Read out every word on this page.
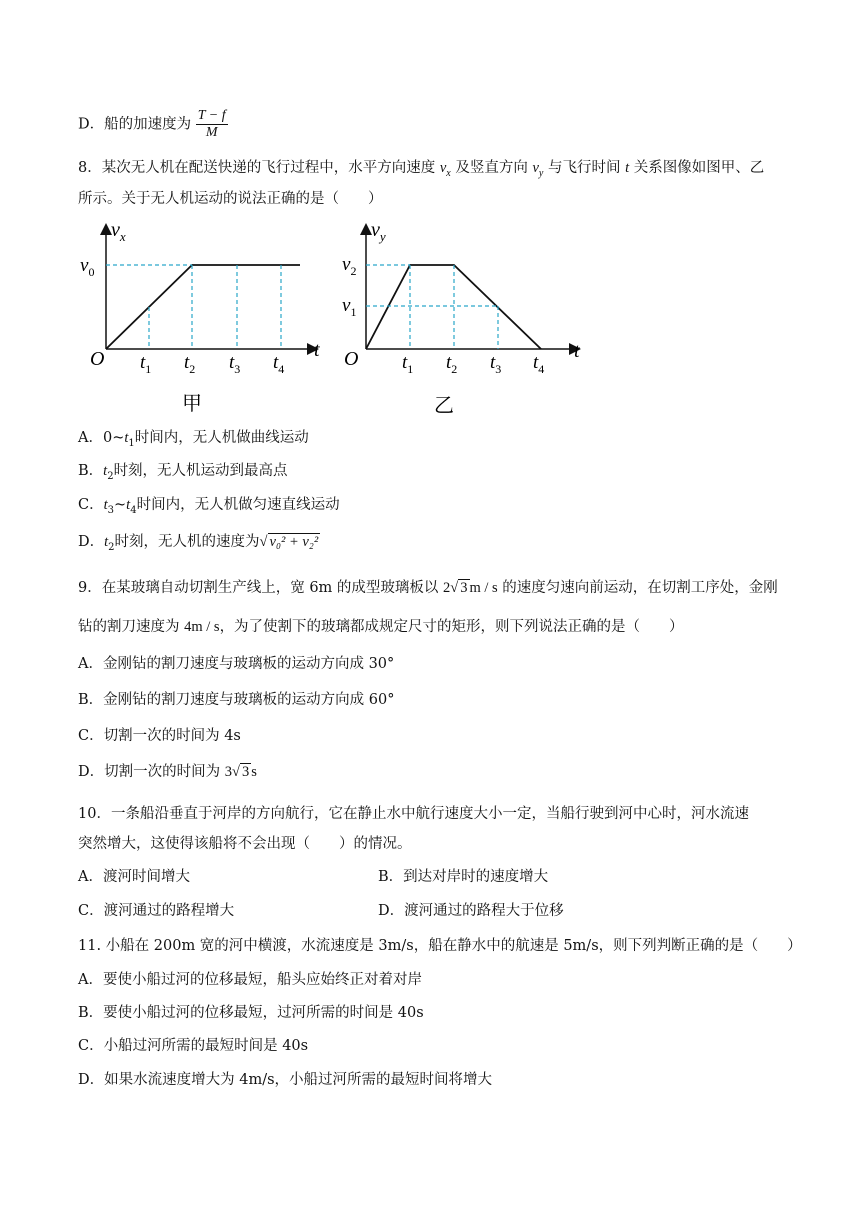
D．船的加速度为 $\frac{T - f}{M}$
8．某次无人机在配送快递的飞行过程中，水平方向速度 $v_x$ 及竖直方向 $v_y$ 与飞行时间 t 关系图像如图甲、乙
所示。关于无人机运动的说法正确的是（　　）
$v_x$
$v_0$
O	t
$t_1$ $t_2$ $t_3$ $t_4$
甲
$v_y$
$v_2$
$v_1$
O	t
$t_1$ $t_2$ $t_3$ $t_4$
乙
A．$0\sim t_1$时间内，无人机做曲线运动
B．$t_2$时刻，无人机运动到最高点
C．$t_3\sim t_4$时间内，无人机做匀速直线运动
D．$t_2$时刻，无人机的速度为√ v₀² + v₂²
9．在某玻璃自动切割生产线上，宽 6m 的成型玻璃板以 2√ 3 m / s 的速度匀速向前运动，在切割工序处，金刚
钻的割刀速度为 4m / s，为了使割下的玻璃都成规定尺寸的矩形，则下列说法正确的是（　　）
A．金刚钻的割刀速度与玻璃板的运动方向成 30°
B．金刚钻的割刀速度与玻璃板的运动方向成 60°
C．切割一次的时间为 4s
D．切割一次的时间为 3√ 3 s
10．一条船沿垂直于河岸的方向航行，它在静止水中航行速度大小一定，当船行驶到河中心时，河水流速
突然增大，这使得该船将不会出现（　　）的情况。
A．渡河时间增大	B．到达对岸时的速度增大
C．渡河通过的路程增大	D．渡河通过的路程大于位移
11. 小船在 200m 宽的河中横渡，水流速度是 3m/s，船在静水中的航速是 5m/s，则下列判断正确的是（　　）
A．要使小船过河的位移最短，船头应始终正对着对岸
B．要使小船过河的位移最短，过河所需的时间是 40s
C．小船过河所需的最短时间是 40s
D．如果水流速度增大为 4m/s，小船过河所需的最短时间将增大
